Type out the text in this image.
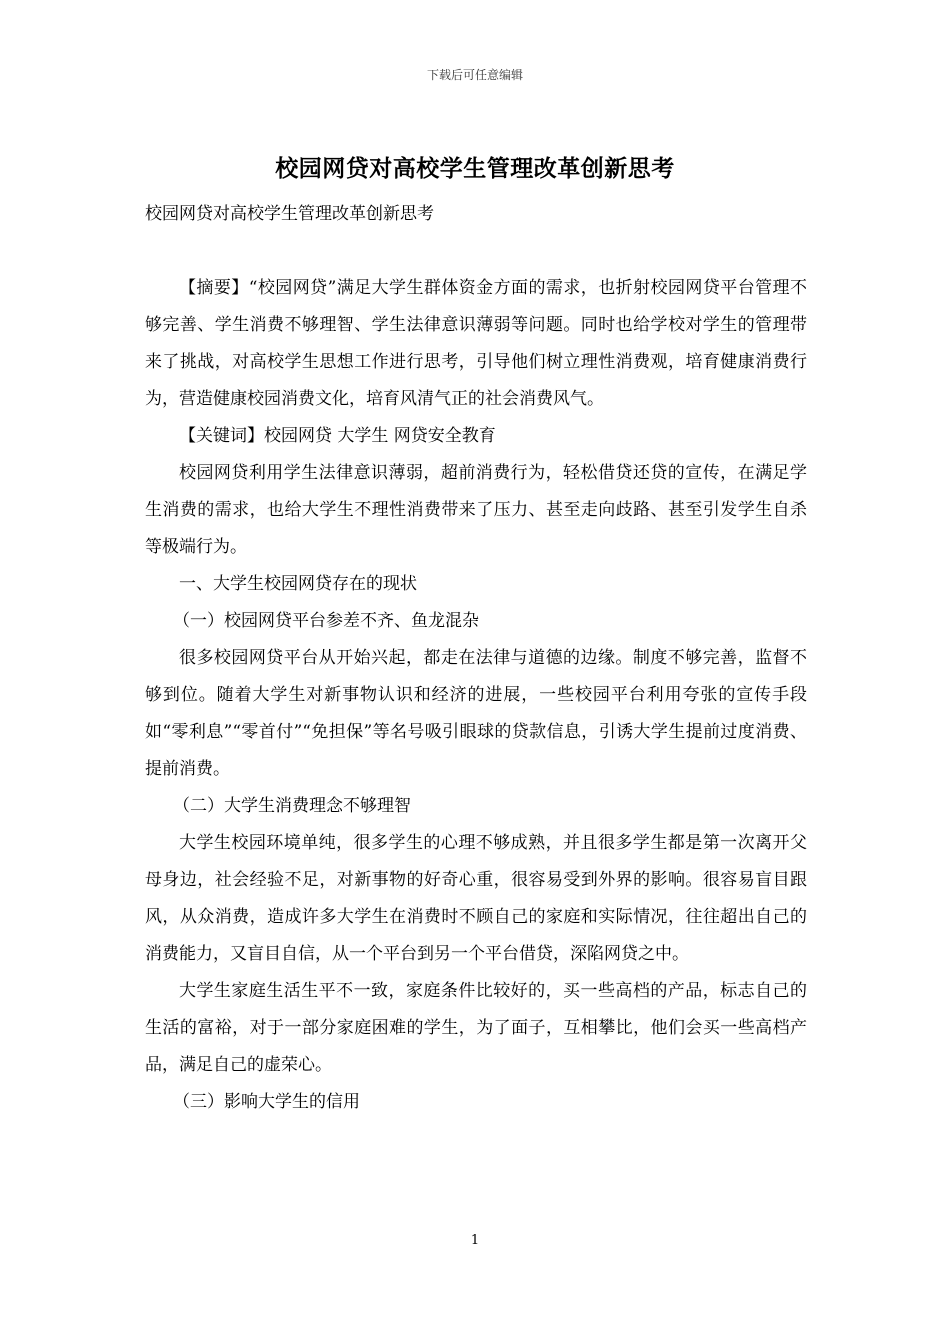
下载后可任意编辑
校园网贷对高校学生管理改革创新思考
校园网贷对高校学生管理改革创新思考

【摘要】“校园网贷”满足大学生群体资金方面的需求，也折射校园网贷平台管理不够完善、学生消费不够理智、学生法律意识薄弱等问题。同时也给学校对学生的管理带来了挑战，对高校学生思想工作进行思考，引导他们树立理性消费观，培育健康消费行为，营造健康校园消费文化，培育风清气正的社会消费风气。

【关键词】校园网贷 大学生 网贷安全教育

校园网贷利用学生法律意识薄弱，超前消费行为，轻松借贷还贷的宣传，在满足学生消费的需求，也给大学生不理性消费带来了压力、甚至走向歧路、甚至引发学生自杀等极端行为。

一、大学生校园网贷存在的现状

（一）校园网贷平台参差不齐、鱼龙混杂

很多校园网贷平台从开始兴起，都走在法律与道德的边缘。制度不够完善，监督不够到位。随着大学生对新事物认识和经济的进展，一些校园平台利用夸张的宣传手段如“零利息”“零首付”“免担保”等名号吸引眼球的贷款信息，引诱大学生提前过度消费、提前消费。

（二）大学生消费理念不够理智

大学生校园环境单纯，很多学生的心理不够成熟，并且很多学生都是第一次离开父母身边，社会经验不足，对新事物的好奇心重，很容易受到外界的影响。很容易盲目跟风，从众消费，造成许多大学生在消费时不顾自己的家庭和实际情况，往往超出自己的消费能力，又盲目自信，从一个平台到另一个平台借贷，深陷网贷之中。

大学生家庭生活生平不一致，家庭条件比较好的，买一些高档的产品，标志自己的生活的富裕，对于一部分家庭困难的学生，为了面子，互相攀比，他们会买一些高档产品，满足自己的虚荣心。

（三）影响大学生的信用

1
